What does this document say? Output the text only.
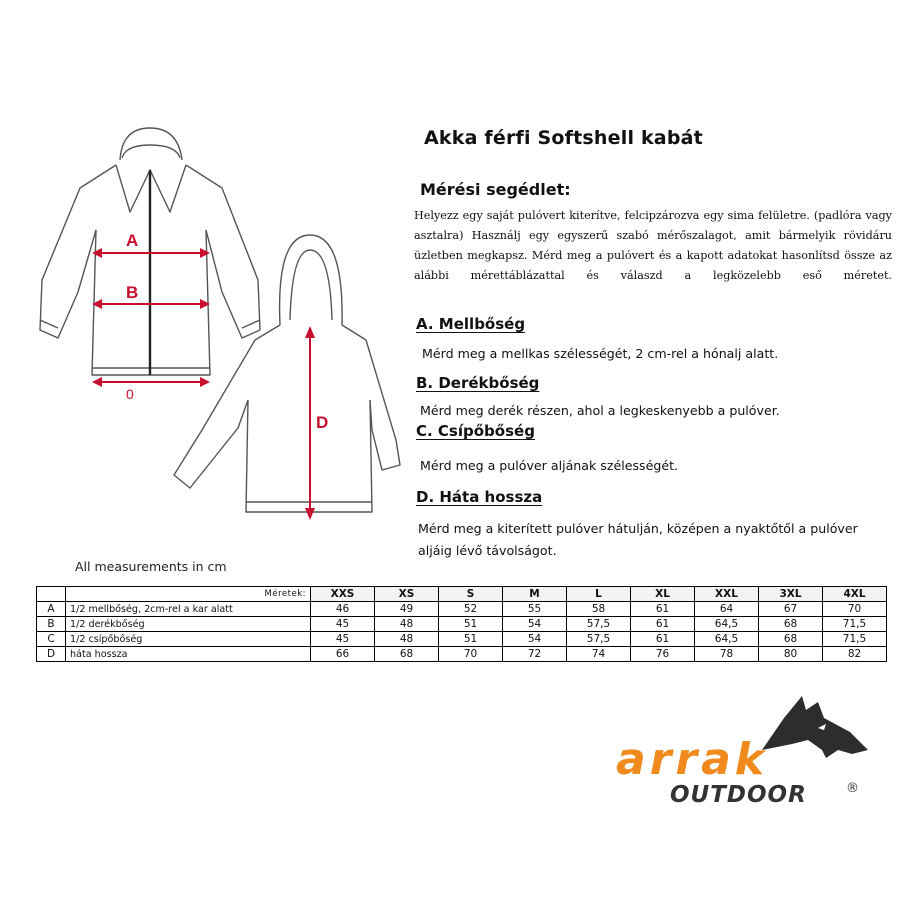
A
B
0
D
Akka férfi Softshell kabát
Mérési segédlet:
Helyezz egy saját pulóvert kiterítve, felcipzározva egy sima felületre. (padlóra vagy asztalra) Használj egy egyszerű szabó mérőszalagot, amit bármelyik rövidáru üzletben megkapsz. Mérd meg a pulóvert és a kapott adatokat hasonlítsd össze az alábbi mérettáblázattal és válaszd a legközelebb eső méretet.
A. Mellbőség
Mérd meg a mellkas szélességét, 2 cm-rel a hónalj alatt.
B. Derékbőség
Mérd meg derék részen, ahol a legkeskenyebb a pulóver.
C. Csípőbőség
Mérd meg a pulóver aljának szélességét.
D. Háta hossza
Mérd meg a kiterített pulóver hátulján, középen a nyaktőtől a pulóver aljáig lévő távolságot.
All measurements in cm
	Méretek:	XXS	XS	S	M	L	XL	XXL	3XL	4XL
A	1/2 mellbőség, 2cm-rel a kar alatt	46	49	52	55	58	61	64	67	70
B	1/2 derékbőség	45	48	51	54	57,5	61	64,5	68	71,5
C	1/2 csípőbőség	45	48	51	54	57,5	61	64,5	68	71,5
D	háta hossza	66	68	70	72	74	76	78	80	82
arrak
OUTDOOR	®
